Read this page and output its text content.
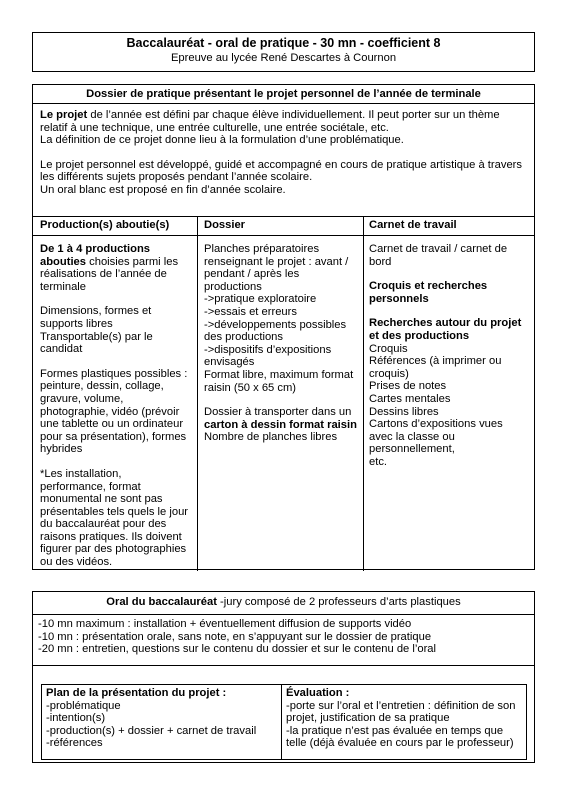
Baccalauréat - oral de pratique - 30 mn - coefficient 8
Epreuve au lycée René Descartes à Cournon
Dossier de pratique présentant le projet personnel de l’année de terminale

Le projet de l’année est défini par chaque élève individuellement. Il peut porter sur un thème relatif à une technique, une entrée culturelle, une entrée sociétale, etc.

La définition de ce projet donne lieu à la formulation d’une problématique.

Le projet personnel est développé, guidé et accompagné en cours de pratique artistique à travers les différents sujets proposés pendant l’année scolaire.

Un oral blanc est proposé en fin d’année scolaire.

Production(s) aboutie(s)	Dossier	Carnet de travail

De 1 à 4 productions abouties choisies parmi les réalisations de l’année de terminale

Dimensions, formes et supports libres

Transportable(s) par le candidat

Formes plastiques possibles : peinture, dessin, collage, gravure, volume, photographie, vidéo (prévoir une tablette ou un ordinateur pour sa présentation), formes hybrides

*Les installation, performance, format monumental ne sont pas présentables tels quels le jour du baccalauréat pour des raisons pratiques. Ils doivent figurer par des photographies ou des vidéos.

Planches préparatoires renseignant le projet : avant / pendant / après les productions

->pratique exploratoire

->essais et erreurs

->développements possibles des productions

->dispositifs d’expositions envisagés

Format libre, maximum format raisin (50 x 65 cm)

Dossier à transporter dans un carton à dessin format raisin

Nombre de planches libres

Carnet de travail / carnet de bord

Croquis et recherches personnels

Recherches autour du projet et des productions

Croquis

Références (à imprimer ou croquis)

Prises de notes

Cartes mentales

Dessins libres

Cartons d’expositions vues avec la classe ou personnellement,

etc.

Oral du baccalauréat -jury composé de 2 professeurs d’arts plastiques

-10 mn maximum : installation + éventuellement diffusion de supports vidéo

-10 mn : présentation orale, sans note, en s’appuyant sur le dossier de pratique

-20 mn : entretien, questions sur le contenu du dossier et sur le contenu de l’oral

Plan de la présentation du projet :

-problématique

-intention(s)

-production(s) + dossier + carnet de travail

-références

Évaluation :

-porte sur l’oral et l’entretien : définition de son projet, justification de sa pratique

-la pratique n’est pas évaluée en temps que telle (déjà évaluée en cours par le professeur)
